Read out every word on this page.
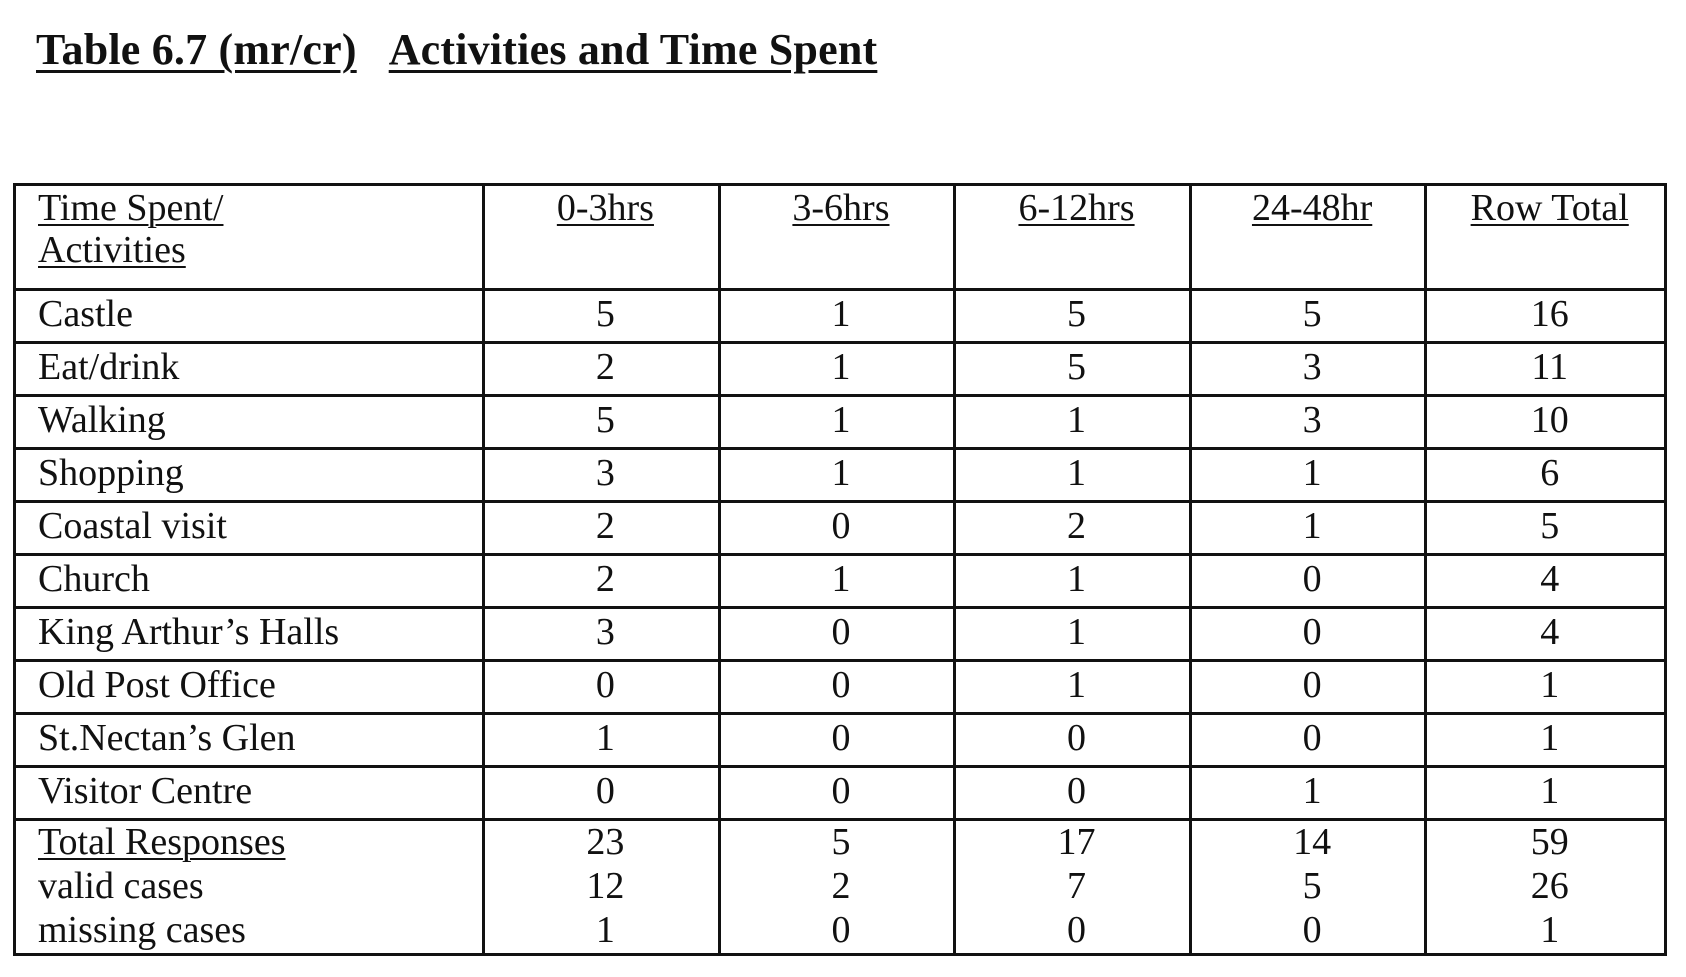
Table 6.7 (mr/cr) Activities and Time Spent
Time Spent/
Activities	0-3hrs	3-6hrs	6-12hrs	24-48hr	Row Total
Castle	5	1	5	5	16
Eat/drink	2	1	5	3	11
Walking	5	1	1	3	10
Shopping	3	1	1	1	6
Coastal visit	2	0	2	1	5
Church	2	1	1	0	4
King Arthur’s Halls	3	0	1	0	4
Old Post Office	0	0	1	0	1
St.Nectan’s Glen	1	0	0	0	1
Visitor Centre	0	0	0	1	1
Total Responses	23	5	17	14	59
valid cases	12	2	7	5	26
missing cases	1	0	0	0	1
